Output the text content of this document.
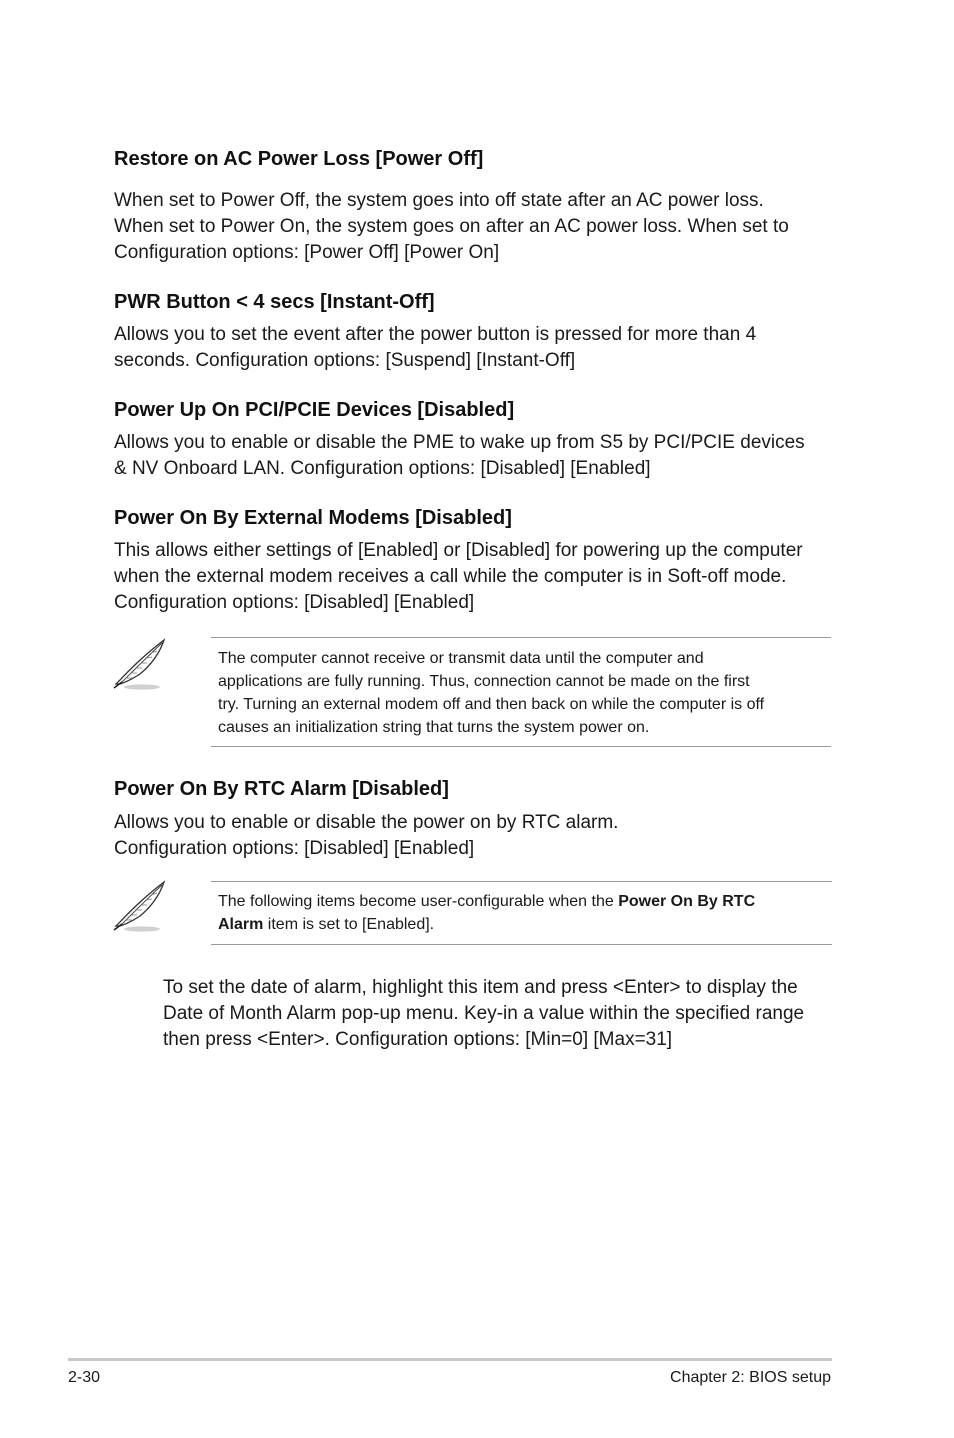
Restore on AC Power Loss [Power Off]

When set to Power Off, the system goes into off state after an AC power loss.
When set to Power On, the system goes on after an AC power loss. When set to
Configuration options: [Power Off] [Power On]

PWR Button < 4 secs [Instant-Off]

Allows you to set the event after the power button is pressed for more than 4
seconds. Configuration options: [Suspend] [Instant-Off]

Power Up On PCI/PCIE Devices [Disabled]

Allows you to enable or disable the PME to wake up from S5 by PCI/PCIE devices
& NV Onboard LAN. Configuration options: [Disabled] [Enabled]

Power On By External Modems [Disabled]

This allows either settings of [Enabled] or [Disabled] for powering up the computer
when the external modem receives a call while the computer is in Soft-off mode.
Configuration options: [Disabled] [Enabled]

The computer cannot receive or transmit data until the computer and
applications are fully running. Thus, connection cannot be made on the first
try. Turning an external modem off and then back on while the computer is off
causes an initialization string that turns the system power on.

Power On By RTC Alarm [Disabled]

Allows you to enable or disable the power on by RTC alarm.
Configuration options: [Disabled] [Enabled]

The following items become user-configurable when the Power On By RTC
Alarm item is set to [Enabled].

To set the date of alarm, highlight this item and press <Enter> to display the
Date of Month Alarm pop-up menu. Key-in a value within the specified range
then press <Enter>. Configuration options: [Min=0] [Max=31]

2-30	Chapter 2: BIOS setup
